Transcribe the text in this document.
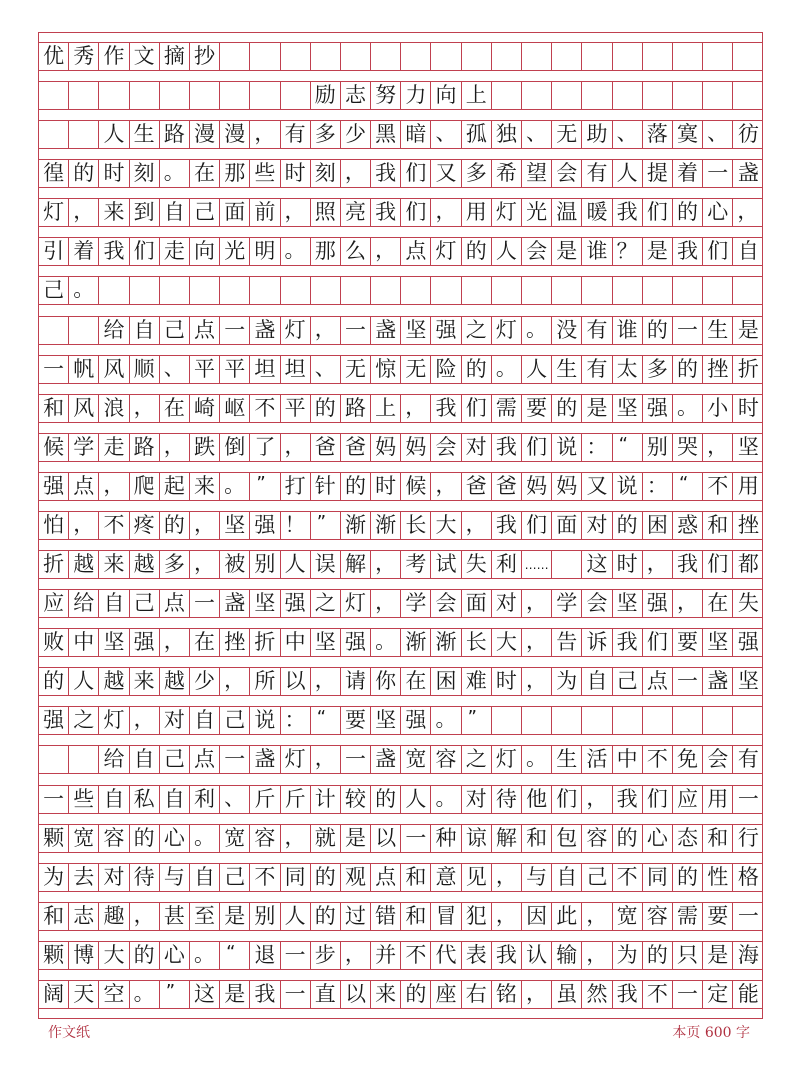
优 秀 作 文 摘 抄
励 志 努 力 向 上
人 生 路 漫 漫 ， 有 多 少 黑 暗 、 孤 独 、 无 助 、 落 寞 、 彷
徨 的 时 刻 。 在 那 些 时 刻 ， 我 们 又 多 希 望 会 有 人 提 着 一 盏
灯 ， 来 到 自 己 面 前 ， 照 亮 我 们 ， 用 灯 光 温 暖 我 们 的 心 ，
引 着 我 们 走 向 光 明 。 那 么 ， 点 灯 的 人 会 是 谁 ？ 是 我 们 自
己 。
给 自 己 点 一 盏 灯 ， 一 盏 坚 强 之 灯 。 没 有 谁 的 一 生 是
一 帆 风 顺 、 平 平 坦 坦 、 无 惊 无 险 的 。 人 生 有 太 多 的 挫 折
和 风 浪 ， 在 崎 岖 不 平 的 路 上 ， 我 们 需 要 的 是 坚 强 。 小 时
候 学 走 路 ， 跌 倒 了 ， 爸 爸 妈 妈 会 对 我 们 说 ： “ 别 哭 ， 坚
强 点 ， 爬 起 来 。 ” 打 针 的 时 候 ， 爸 爸 妈 妈 又 说 ： “ 不 用
怕 ， 不 疼 的 ， 坚 强 ！ ” 渐 渐 长 大 ， 我 们 面 对 的 困 惑 和 挫
折 越 来 越 多 ， 被 别 人 误 解 ， 考 试 失 利 …… 这 时 ， 我 们 都
应 给 自 己 点 一 盏 坚 强 之 灯 ， 学 会 面 对 ， 学 会 坚 强 ， 在 失
败 中 坚 强 ， 在 挫 折 中 坚 强 。 渐 渐 长 大 ， 告 诉 我 们 要 坚 强
的 人 越 来 越 少 ， 所 以 ， 请 你 在 困 难 时 ， 为 自 己 点 一 盏 坚
强 之 灯 ， 对 自 己 说 ： “ 要 坚 强 。 ”
给 自 己 点 一 盏 灯 ， 一 盏 宽 容 之 灯 。 生 活 中 不 免 会 有
一 些 自 私 自 利 、 斤 斤 计 较 的 人 。 对 待 他 们 ， 我 们 应 用 一
颗 宽 容 的 心 。 宽 容 ， 就 是 以 一 种 谅 解 和 包 容 的 心 态 和 行
为 去 对 待 与 自 己 不 同 的 观 点 和 意 见 ， 与 自 己 不 同 的 性 格
和 志 趣 ， 甚 至 是 别 人 的 过 错 和 冒 犯 ， 因 此 ， 宽 容 需 要 一
颗 博 大 的 心 。 “ 退 一 步 ， 并 不 代 表 我 认 输 ， 为 的 只 是 海
阔 天 空 。 ” 这 是 我 一 直 以 来 的 座 右 铭 ， 虽 然 我 不 一 定 能
作文纸	本页 600 字
